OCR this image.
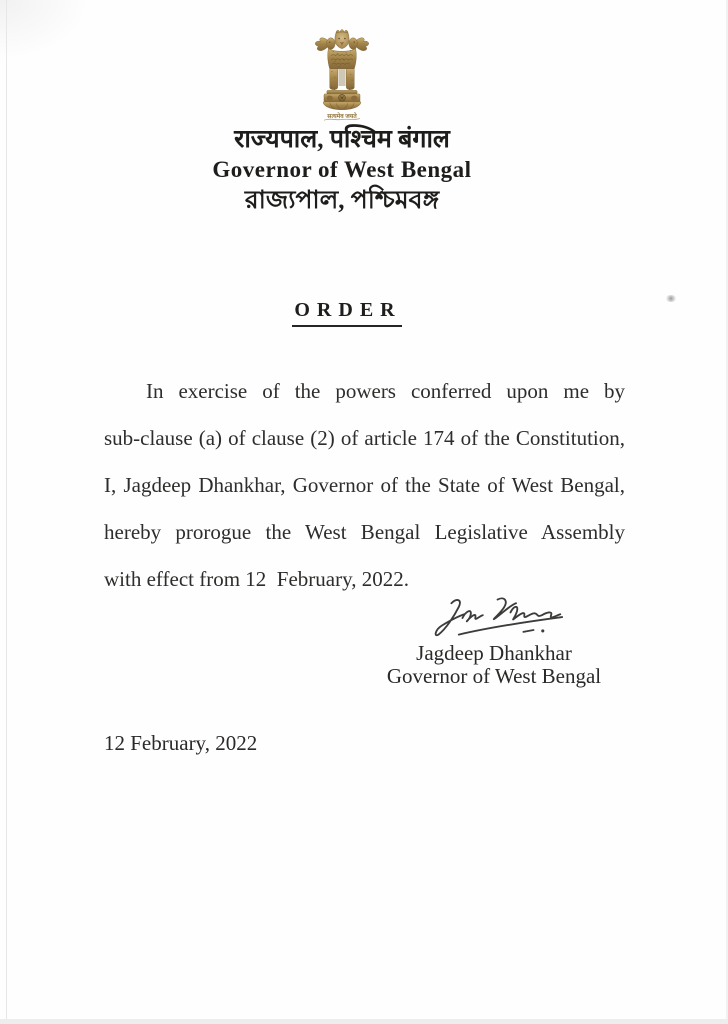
सत्यमेव जयते
राज्यपाल, पश्चिम बंगाल
Governor of West Bengal
রাজ্যপাল, পশ্চিমবঙ্গ
ORDER
In exercise of the powers conferred upon me by
sub-clause (a) of clause (2) of article 174 of the Constitution,
I, Jagdeep Dhankhar, Governor of the State of West Bengal,
hereby prorogue the West Bengal Legislative Assembly
with effect from 12  February, 2022.
Jagdeep Dhankhar
Governor of West Bengal
12 February, 2022
